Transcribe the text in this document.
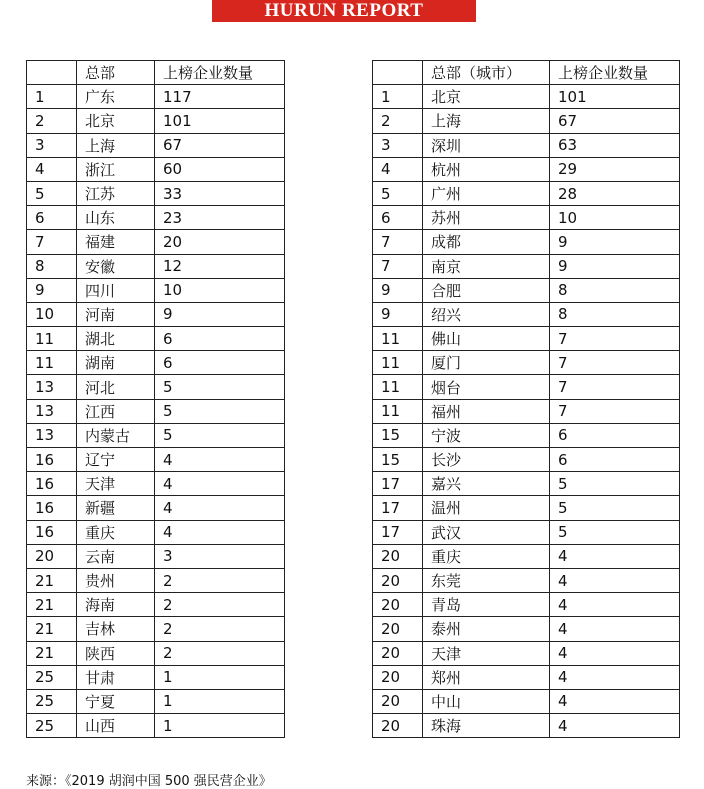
HURUN REPORT
	总部	上榜企业数量
1	广东	117
2	北京	101
3	上海	67
4	浙江	60
5	江苏	33
6	山东	23
7	福建	20
8	安徽	12
9	四川	10
10	河南	9
11	湖北	6
11	湖南	6
13	河北	5
13	江西	5
13	内蒙古	5
16	辽宁	4
16	天津	4
16	新疆	4
16	重庆	4
20	云南	3
21	贵州	2
21	海南	2
21	吉林	2
21	陕西	2
25	甘肃	1
25	宁夏	1
25	山西	1
	总部（城市）	上榜企业数量
1	北京	101
2	上海	67
3	深圳	63
4	杭州	29
5	广州	28
6	苏州	10
7	成都	9
7	南京	9
9	合肥	8
9	绍兴	8
11	佛山	7
11	厦门	7
11	烟台	7
11	福州	7
15	宁波	6
15	长沙	6
17	嘉兴	5
17	温州	5
17	武汉	5
20	重庆	4
20	东莞	4
20	青岛	4
20	泰州	4
20	天津	4
20	郑州	4
20	中山	4
20	珠海	4
来源：《2019 胡润中国 500 强民营企业》
